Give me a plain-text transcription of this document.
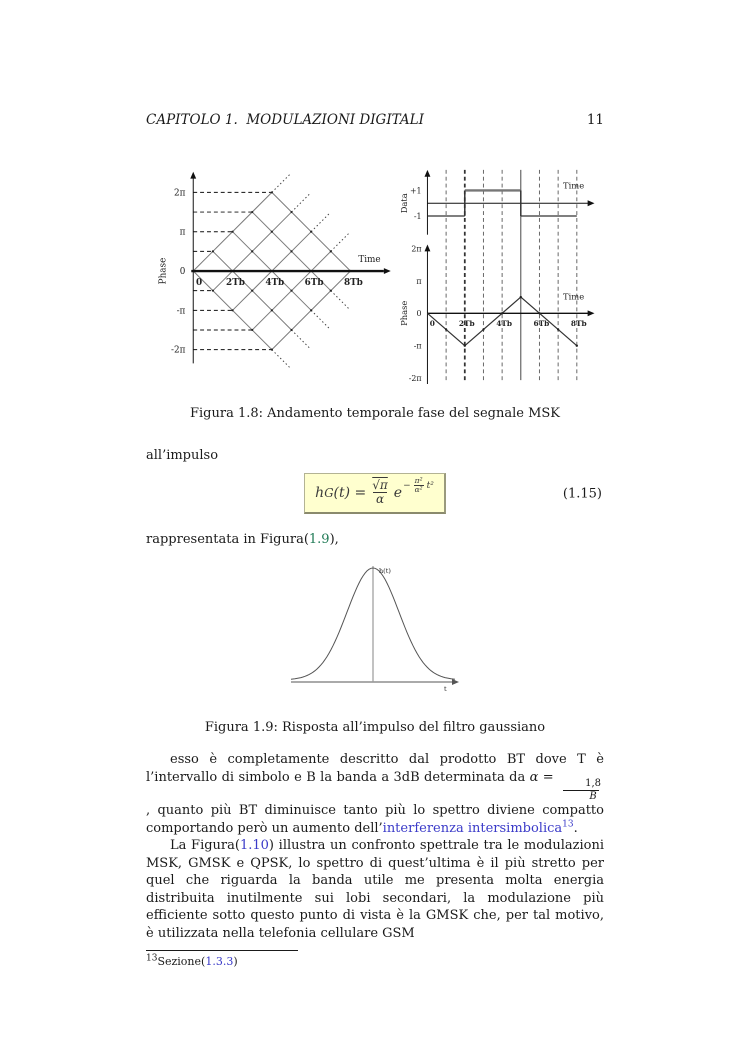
CAPITOLO 1.  MODULAZIONI DIGITALI	11
Time
Phase
2π
π
0
-π
-2π
0	2Tb 4Tb 6Tb 8Tb
Time
Data
+1
-1
Time
Phase
2π
π
0
-π
-2π
0	2Tb	4Tb	6Tb	8Tb
Figura 1.8: Andamento temporale fase del segnale MSK

all’impulso

h G $(t) = \frac{√\pi}{\alpha}$ $e - \frac{\text{π²}}{\text{α²}} t^2$
(1.15)

rappresentata in Figura(1.9),

h(t)
t
Figura 1.9: Risposta all’impulso del filtro gaussiano

esso è completamente descritto dal prodotto BT dove T è l’intervallo di simbolo e B la banda a 3dB determinata da α =
$\frac{1,8}{B}$
, quanto più BT diminuisce tanto più lo spettro diviene compatto comportando però un aumento dell’interferenza intersimbolica$^{13}$.

La Figura(1.10) illustra un confronto spettrale tra le modulazioni MSK, GMSK e QPSK, lo spettro di quest’ultima è il più stretto per quel che riguarda la banda utile me presenta molta energia distribuita inutilmente sui lobi secondari, la modulazione più efficiente sotto questo punto di vista è la GMSK che, per tal motivo, è utilizzata nella telefonia cellulare GSM

$^{13}$Sezione(1.3.3)
